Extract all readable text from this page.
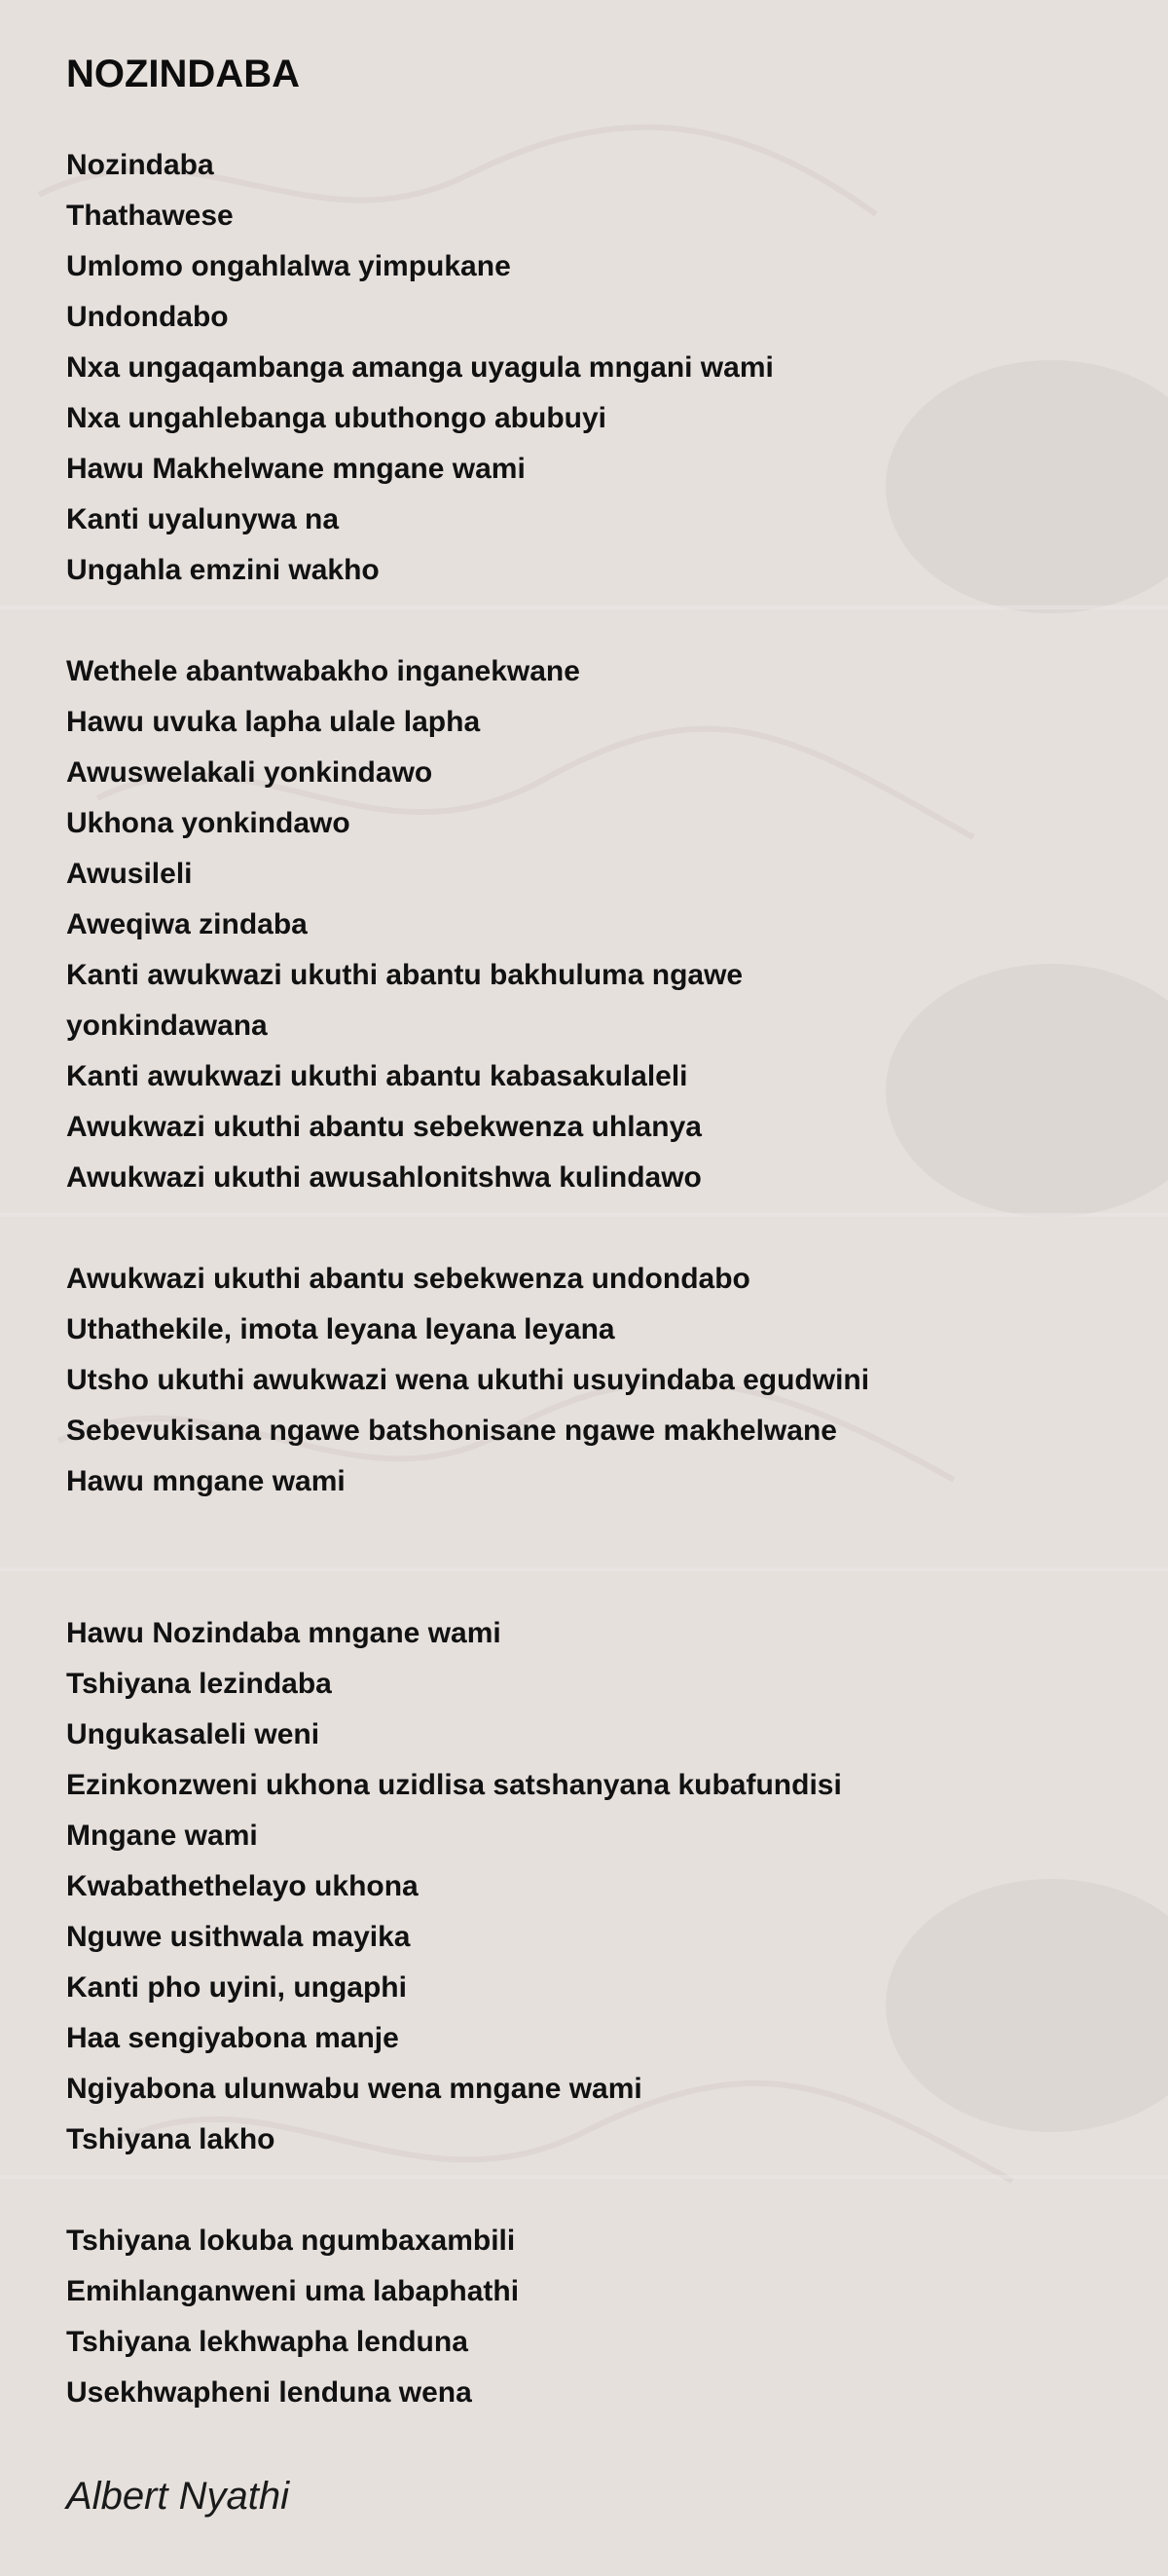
NOZINDABA
Nozindaba
Thathawese
Umlomo ongahlalwa yimpukane
Undondabo
Nxa ungaqambanga amanga uyagula mngani wami
Nxa ungahlebanga ubuthongo abubuyi
Hawu Makhelwane mngane wami
Kanti uyalunywa na
Ungahla emzini wakho
Wethele abantwabakho inganekwane
Hawu uvuka lapha ulale lapha
Awuswelakali yonkindawo
Ukhona yonkindawo
Awusileli
Aweqiwa zindaba
Kanti awukwazi ukuthi abantu bakhuluma ngawe
yonkindawana
Kanti awukwazi ukuthi abantu kabasakulaleli
Awukwazi ukuthi abantu sebekwenza uhlanya
Awukwazi ukuthi awusahlonitshwa kulindawo
Awukwazi ukuthi abantu sebekwenza undondabo
Uthathekile, imota leyana leyana leyana
Utsho ukuthi awukwazi wena ukuthi usuyindaba egudwini
Sebevukisana ngawe batshonisane ngawe makhelwane
Hawu mngane wami
Hawu Nozindaba mngane wami
Tshiyana lezindaba
Ungukasaleli weni
Ezinkonzweni ukhona uzidlisa satshanyana kubafundisi
Mngane wami
Kwabathethelayo ukhona
Nguwe usithwala mayika
Kanti pho uyini, ungaphi
Haa sengiyabona manje
Ngiyabona ulunwabu wena mngane wami
Tshiyana lakho
Tshiyana lokuba ngumbaxambili
Emihlanganweni uma labaphathi
Tshiyana lekhwapha lenduna
Usekhwapheni lenduna wena
Albert Nyathi
